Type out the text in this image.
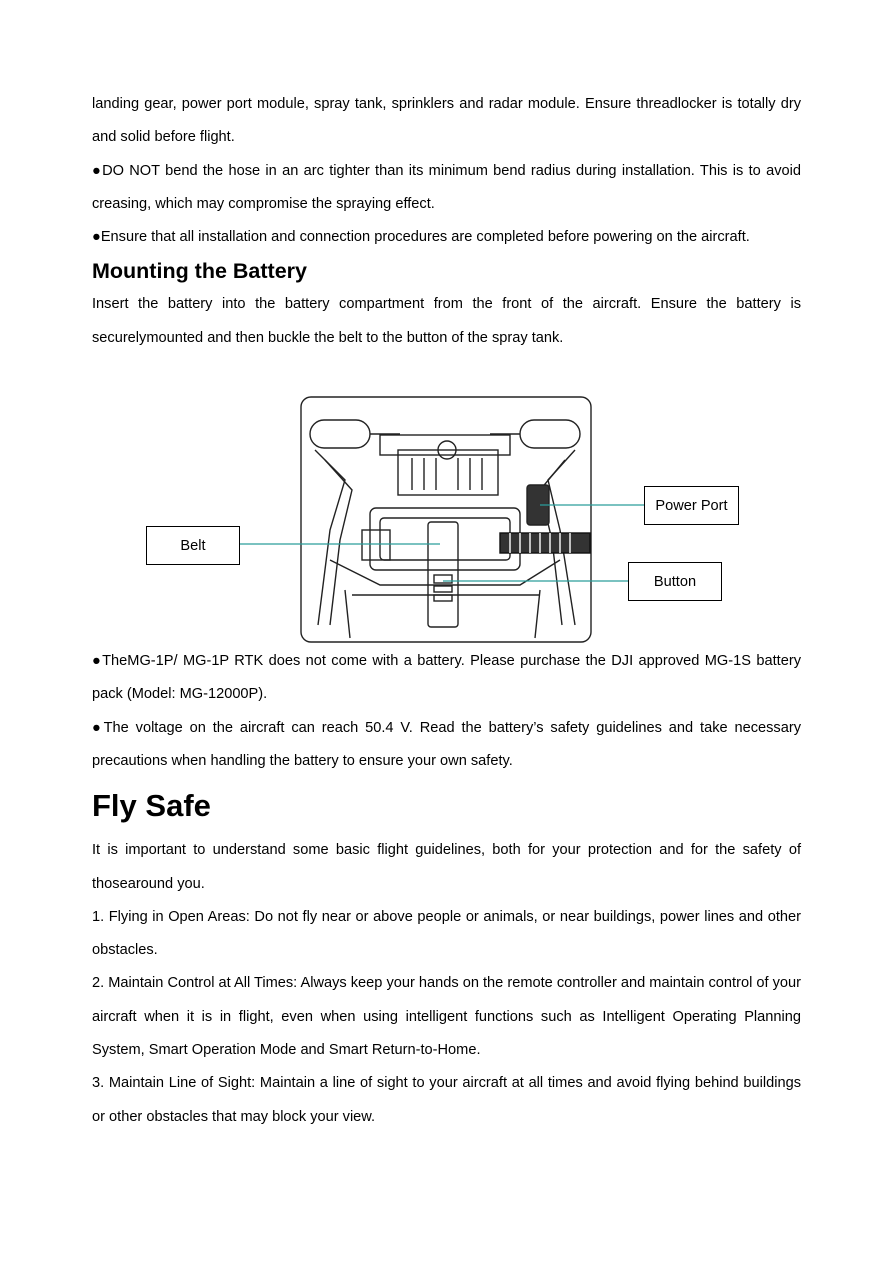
landing gear, power port module, spray tank, sprinklers and radar module. Ensure threadlocker is totally dry and solid before flight.

●DO NOT bend the hose in an arc tighter than its minimum bend radius during installation. This is to avoid creasing, which may compromise the spraying effect.

●Ensure that all installation and connection procedures are completed before powering on the aircraft.

Mounting the Battery

Insert the battery into the battery compartment from the front of the aircraft. Ensure the battery is securelymounted and then buckle the belt to the button of the spray tank.

●TheMG-1P/ MG-1P RTK does not come with a battery. Please purchase the DJI approved MG-1S battery pack (Model: MG-12000P).

●The voltage on the aircraft can reach 50.4 V. Read the battery’s safety guidelines and take necessary precautions when handling the battery to ensure your own safety.

Fly Safe

It is important to understand some basic flight guidelines, both for your protection and for the safety of thosearound you.

1. Flying in Open Areas: Do not fly near or above people or animals, or near buildings, power lines and other obstacles.

2. Maintain Control at All Times: Always keep your hands on the remote controller and maintain control of your aircraft when it is in flight, even when using intelligent functions such as Intelligent Operating Planning System, Smart Operation Mode and Smart Return-to-Home.

3. Maintain Line of Sight: Maintain a line of sight to your aircraft at all times and avoid flying behind buildings or other obstacles that may block your view.

Belt
Power Port
Button
